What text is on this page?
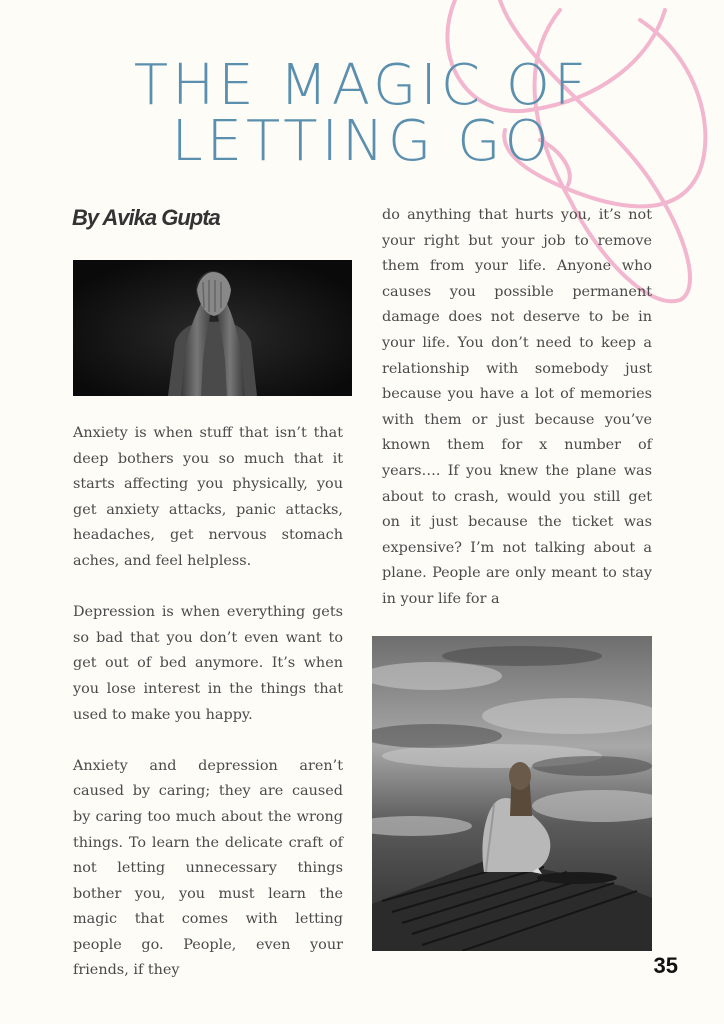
THE MAGIC OF
LETTING GO
By Avika Gupta

Anxiety is when stuff that isn’t that deep bothers you so much that it starts affecting you physically, you get anxiety attacks, panic attacks, headaches, get nervous stomach aches, and feel helpless.

Depression is when everything gets so bad that you don’t even want to get out of bed anymore. It’s when you lose interest in the things that used to make you happy.

Anxiety and depression aren’t caused by caring; they are caused by caring too much about the wrong things. To learn the delicate craft of not letting unnecessary things bother you, you must learn the magic that comes with letting people go. People, even your friends, if they

do anything that hurts you, it’s not your right but your job to remove them from your life. Anyone who causes you possible permanent damage does not deserve to be in your life. You don’t need to keep a relationship with somebody just because you have a lot of memories with them or just because you’ve known them for x number of years…. If you knew the plane was about to crash, would you still get on it just because the ticket was expensive? I’m not talking about a plane. People are only meant to stay in your life for a

35
